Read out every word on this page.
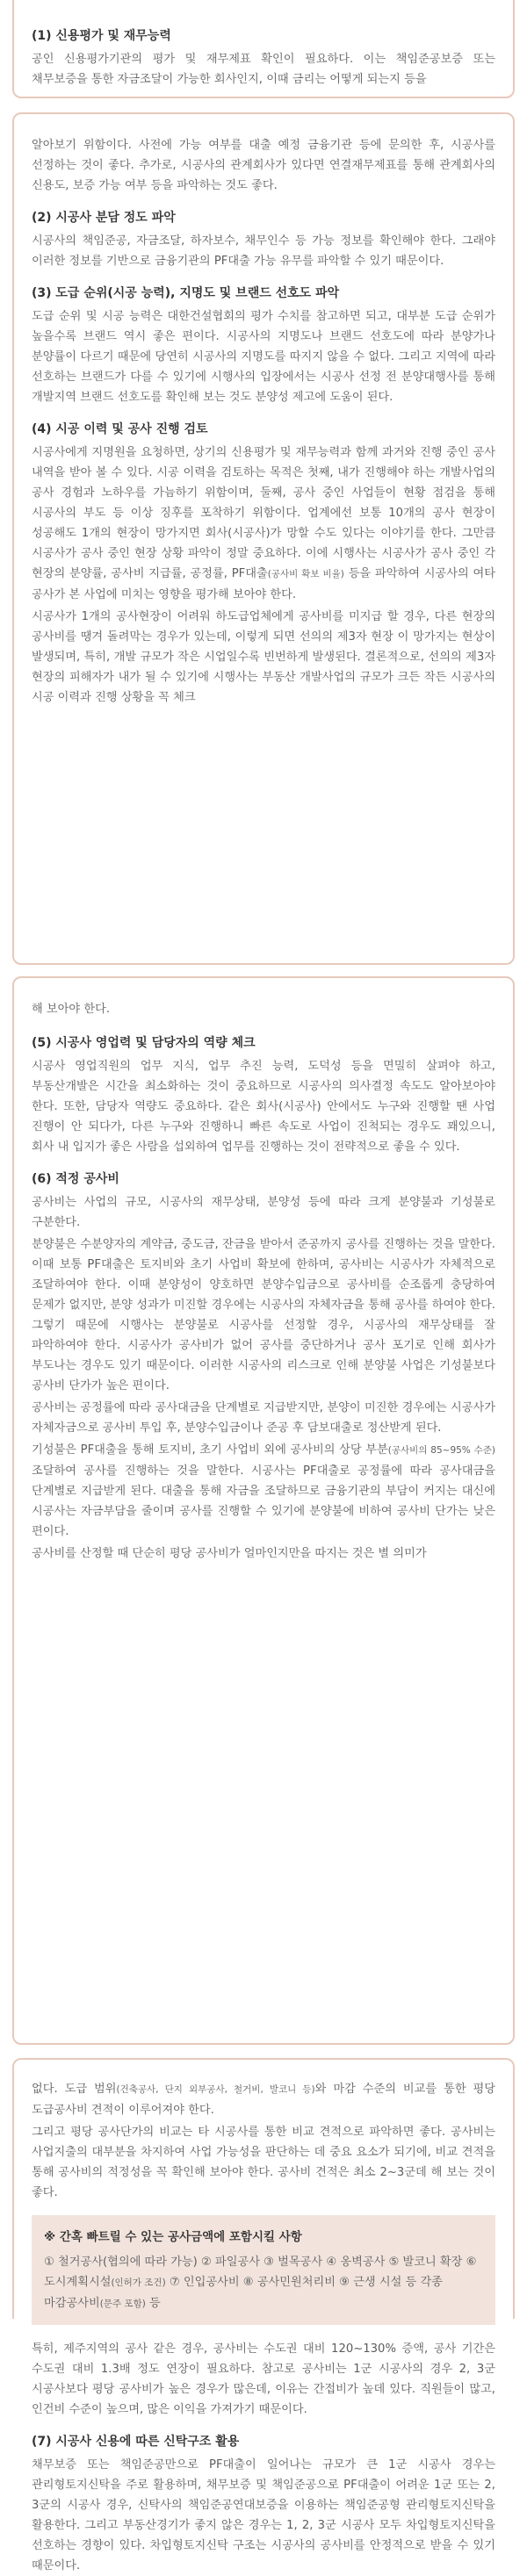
(1) 신용평가 및 재무능력

공인 신용평가기관의 평가 및 재무제표 확인이 필요하다. 이는 책임준공보증 또는 채무보증을 통한 자금조달이 가능한 회사인지, 이때 금리는 어떻게 되는지 등을

알아보기 위함이다. 사전에 가능 여부를 대출 예정 금융기관 등에 문의한 후, 시공사를 선정하는 것이 좋다. 추가로, 시공사의 관계회사가 있다면 연결재무제표를 통해 관계회사의 신용도, 보증 가능 여부 등을 파악하는 것도 좋다.

(2) 시공사 분담 정도 파악

시공사의 책임준공, 자금조달, 하자보수, 채무인수 등 가능 정보를 확인해야 한다. 그래야 이러한 정보를 기반으로 금융기관의 PF대출 가능 유무를 파악할 수 있기 때문이다.

(3) 도급 순위(시공 능력), 지명도 및 브랜드 선호도 파악

도급 순위 및 시공 능력은 대한건설협회의 평가 수치를 참고하면 되고, 대부분 도급 순위가 높을수록 브랜드 역시 좋은 편이다. 시공사의 지명도나 브랜드 선호도에 따라 분양가나 분양률이 다르기 때문에 당연히 시공사의 지명도를 따지지 않을 수 없다. 그리고 지역에 따라 선호하는 브랜드가 다를 수 있기에 시행사의 입장에서는 시공사 선정 전 분양대행사를 통해 개발지역 브랜드 선호도를 확인해 보는 것도 분양성 제고에 도움이 된다.

(4) 시공 이력 및 공사 진행 검토

시공사에게 지명원을 요청하면, 상기의 신용평가 및 재무능력과 함께 과거와 진행 중인 공사 내역을 받아 볼 수 있다. 시공 이력을 검토하는 목적은 첫째, 내가 진행해야 하는 개발사업의 공사 경험과 노하우를 가늠하기 위함이며, 둘째, 공사 중인 사업들이 현황 점검을 통해 시공사의 부도 등 이상 징후를 포착하기 위함이다. 업계에선 보통 10개의 공사 현장이 성공해도 1개의 현장이 망가지면 회사(시공사)가 망할 수도 있다는 이야기를 한다. 그만큼 시공사가 공사 중인 현장 상황 파악이 정말 중요하다. 이에 시행사는 시공사가 공사 중인 각 현장의 분양률, 공사비 지급률, 공정률, PF대출(공사비 확보 비율) 등을 파악하여 시공사의 여타 공사가 본 사업에 미치는 영향을 평가해 보아야 한다.

시공사가 1개의 공사현장이 어려워 하도급업체에게 공사비를 미지급 할 경우, 다른 현장의 공사비를 땡겨 돌려막는 경우가 있는데, 이렇게 되면 선의의 제3자 현장 이 망가지는 현상이 발생되며, 특히, 개발 규모가 작은 시업일수록 빈번하게 발생된다. 결론적으로, 선의의 제3자 현장의 피해자가 내가 될 수 있기에 시행사는 부동산 개발사업의 규모가 크든 작든 시공사의 시공 이력과 진행 상황을 꼭 체크

해 보아야 한다.

(5) 시공사 영업력 및 담당자의 역량 체크

시공사 영업직원의 업무 지식, 업무 추진 능력, 도덕성 등을 면밀히 살펴야 하고, 부동산개발은 시간을 최소화하는 것이 중요하므로 시공사의 의사결정 속도도 알아보아야 한다. 또한, 담당자 역량도 중요하다. 같은 회사(시공사) 안에서도 누구와 진행할 땐 사업 진행이 안 되다가, 다른 누구와 진행하니 빠른 속도로 사업이 진척되는 경우도 꽤있으니, 회사 내 입지가 좋은 사람을 섭외하여 업무를 진행하는 것이 전략적으로 좋을 수 있다.

(6) 적정 공사비

공사비는 사업의 규모, 시공사의 재무상태, 분양성 등에 따라 크게 분양불과 기성불로 구분한다.

분양불은 수분양자의 계약금, 중도금, 잔금을 받아서 준공까지 공사를 진행하는 것을 말한다. 이때 보통 PF대출은 토지비와 초기 사업비 확보에 한하며, 공사비는 시공사가 자체적으로 조달하여야 한다. 이때 분양성이 양호하면 분양수입금으로 공사비를 순조롭게 충당하여 문제가 없지만, 분양 성과가 미진할 경우에는 시공사의 자체자금을 통해 공사를 하여야 한다. 그렇기 때문에 시행사는 분양불로 시공사를 선정할 경우, 시공사의 재무상태를 잘 파악하여야 한다. 시공사가 공사비가 없어 공사를 중단하거나 공사 포기로 인해 회사가 부도나는 경우도 있기 때문이다. 이러한 시공사의 리스크로 인해 분양불 사업은 기성불보다 공사비 단가가 높은 편이다.

공사비는 공정률에 따라 공사대금을 단계별로 지급받지만, 분양이 미진한 경우에는 시공사가 자체자금으로 공사비 투입 후, 분양수입금이나 준공 후 담보대출로 정산받게 된다.

기성불은 PF대출을 통해 토지비, 초기 사업비 외에 공사비의 상당 부분(공사비의 85~95% 수준) 조달하여 공사를 진행하는 것을 말한다. 시공사는 PF대출로 공정률에 따라 공사대금을 단계별로 지급받게 된다. 대출을 통해 자금을 조달하므로 금융기관의 부담이 커지는 대신에 시공사는 자금부담을 줄이며 공사를 진행할 수 있기에 분양불에 비하여 공사비 단가는 낮은 편이다.

공사비를 산정할 때 단순히 평당 공사비가 얼마인지만을 따지는 것은 별 의미가

없다. 도급 범위(건축공사, 단지 외부공사, 철거비, 발코니 등)와 마감 수준의 비교를 통한 평당 도급공사비 견적이 이루어져야 한다.

그리고 평당 공사단가의 비교는 타 시공사를 통한 비교 견적으로 파악하면 좋다. 공사비는 사업지출의 대부분을 차지하여 사업 가능성을 판단하는 데 중요 요소가 되기에, 비교 견적을 통해 공사비의 적정성을 꼭 확인해 보아야 한다. 공사비 견적은 최소 2~3군데 해 보는 것이 좋다.

※ 간혹 빠트릴 수 있는 공사금액에 포함시킬 사항

① 철거공사(협의에 따라 가능) ② 파일공사 ③ 벌목공사 ④ 옹벽공사 ⑤ 발코니 확장 ⑥ 도시계획시설(인허가 조건) ⑦ 인입공사비 ⑧ 공사민원처리비 ⑨ 근생 시설 등 각종 마감공사비(문주 포함) 등

특히, 제주지역의 공사 같은 경우, 공사비는 수도권 대비 120~130% 증액, 공사 기간은 수도권 대비 1.3배 정도 연장이 필요하다. 참고로 공사비는 1군 시공사의 경우 2, 3군 시공사보다 평당 공사비가 높은 경우가 많은데, 이유는 간접비가 높데 있다. 직원들이 많고, 인건비 수준이 높으며, 많은 이익을 가져가기 때문이다.

(7) 시공사 신용에 따른 신탁구조 활용

채무보증 또는 책임준공만으로 PF대출이 일어나는 규모가 큰 1군 시공사 경우는 관리형토지신탁을 주로 활용하며, 채무보증 및 책임준공으로 PF대출이 어려운 1군 또는 2, 3군의 시공사 경우, 신탁사의 책임준공연대보증을 이용하는 책임준공형 관리형토지신탁을 활용한다. 그리고 부동산경기가 좋지 않은 경우는 1, 2, 3군 시공사 모두 차입형토지신탁을 선호하는 경향이 있다. 차입형토지신탁 구조는 시공사의 공사비를 안정적으로 받을 수 있기 때문이다.
